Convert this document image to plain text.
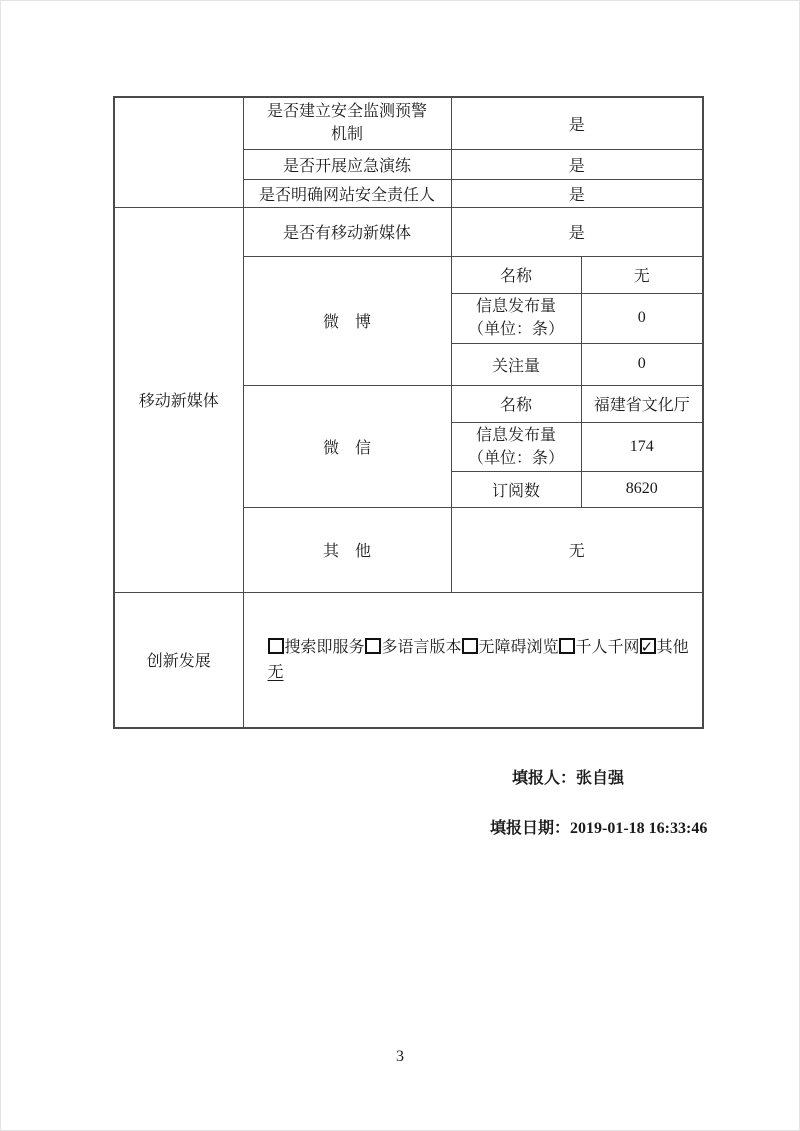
	是否建立安全监测预警
机制	是	
	是否开展应急演练	是	
	是否明确网站安全责任人	是	
移动新媒体	是否有移动新媒体	是	
	微　博	名称	无

		信息发布量
（单位：条）	0
		关注量	0
	微　信	名称	福建省文化厅

		信息发布量
（单位：条）	174
		订阅数	8620
	其　他	无	
创新发展	搜索即服务 多语言版本 无障碍浏览 千人千网 ✓ 其他
无
填报人：张自强
填报日期：2019-01-18 16:33:46
3
